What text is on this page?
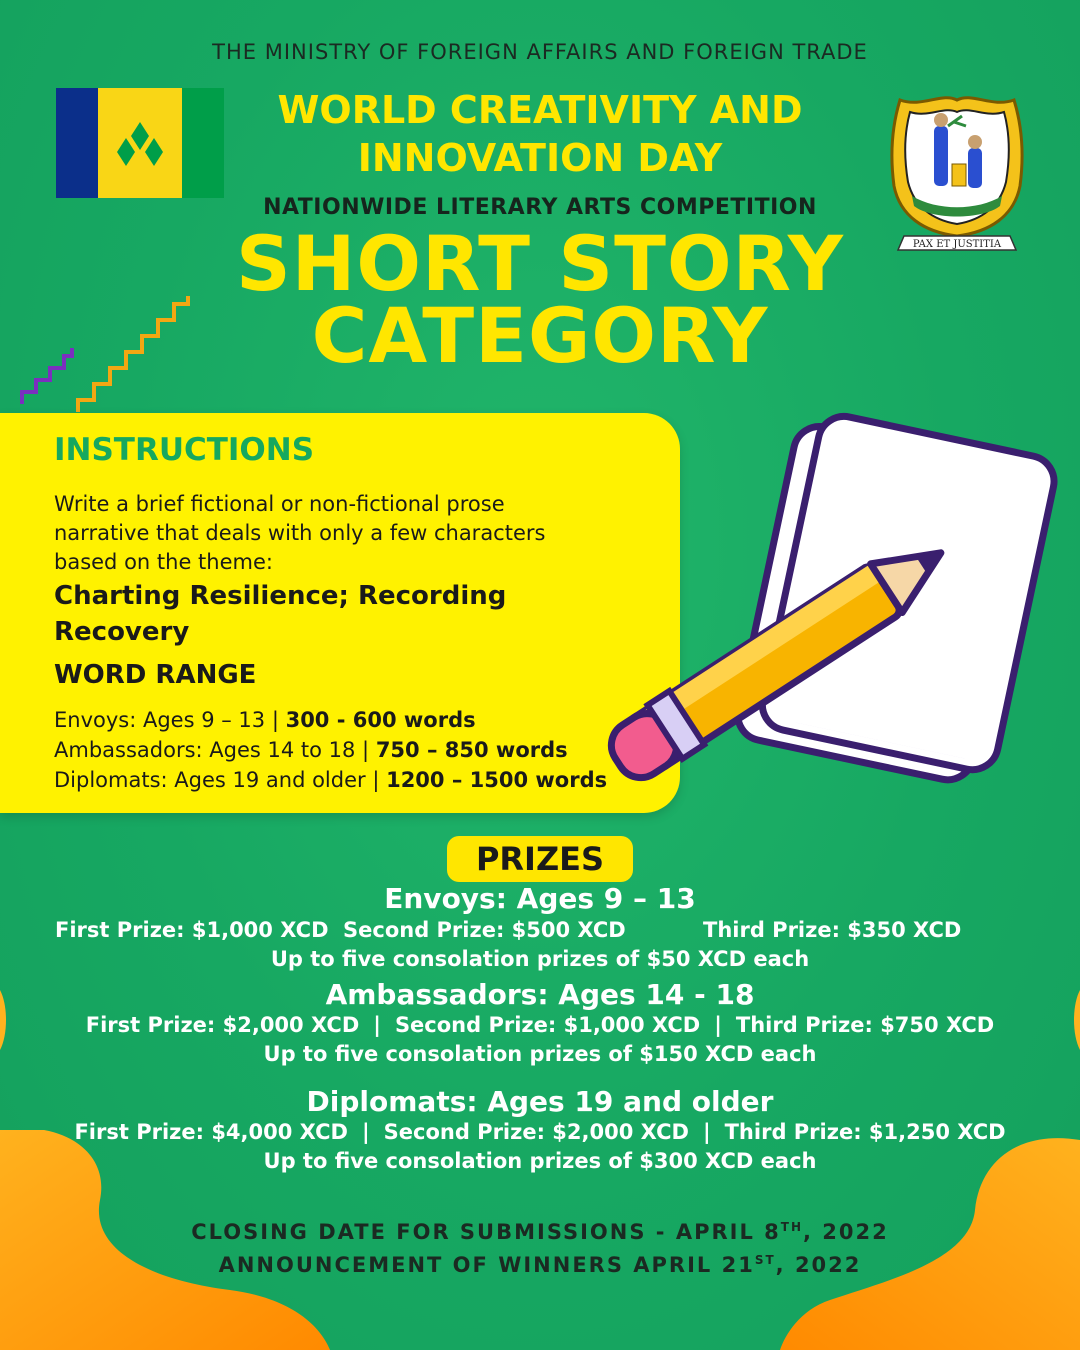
THE MINISTRY OF FOREIGN AFFAIRS AND FOREIGN TRADE
WORLD CREATIVITY AND
INNOVATION DAY
NATIONWIDE LITERARY ARTS COMPETITION
SHORT STORY
CATEGORY
PAX ET JUSTITIA
INSTRUCTIONS
Write a brief fictional or non-fictional prose
narrative that deals with only a few characters
based on the theme:
Charting Resilience; Recording
Recovery
WORD RANGE
Envoys: Ages 9 – 13 | 300 - 600 words
Ambassadors: Ages 14 to 18 | 750 – 850 words
Diplomats: Ages 19 and older | 1200 – 1500 words
PRIZES
Envoys: Ages 9 – 13
First Prize: $1,000 XCD Second Prize: $500 XCD	Third Prize: $350 XCD
Up to five consolation prizes of $50 XCD each
Ambassadors: Ages 14 - 18
First Prize: $2,000 XCD | Second Prize: $1,000 XCD | Third Prize: $750 XCD
Up to five consolation prizes of $150 XCD each
Diplomats: Ages 19 and older
First Prize: $4,000 XCD | Second Prize: $2,000 XCD | Third Prize: $1,250 XCD
Up to five consolation prizes of $300 XCD each
CLOSING DATE FOR SUBMISSIONS - APRIL 8TH, 2022
ANNOUNCEMENT OF WINNERS APRIL 21ST, 2022
